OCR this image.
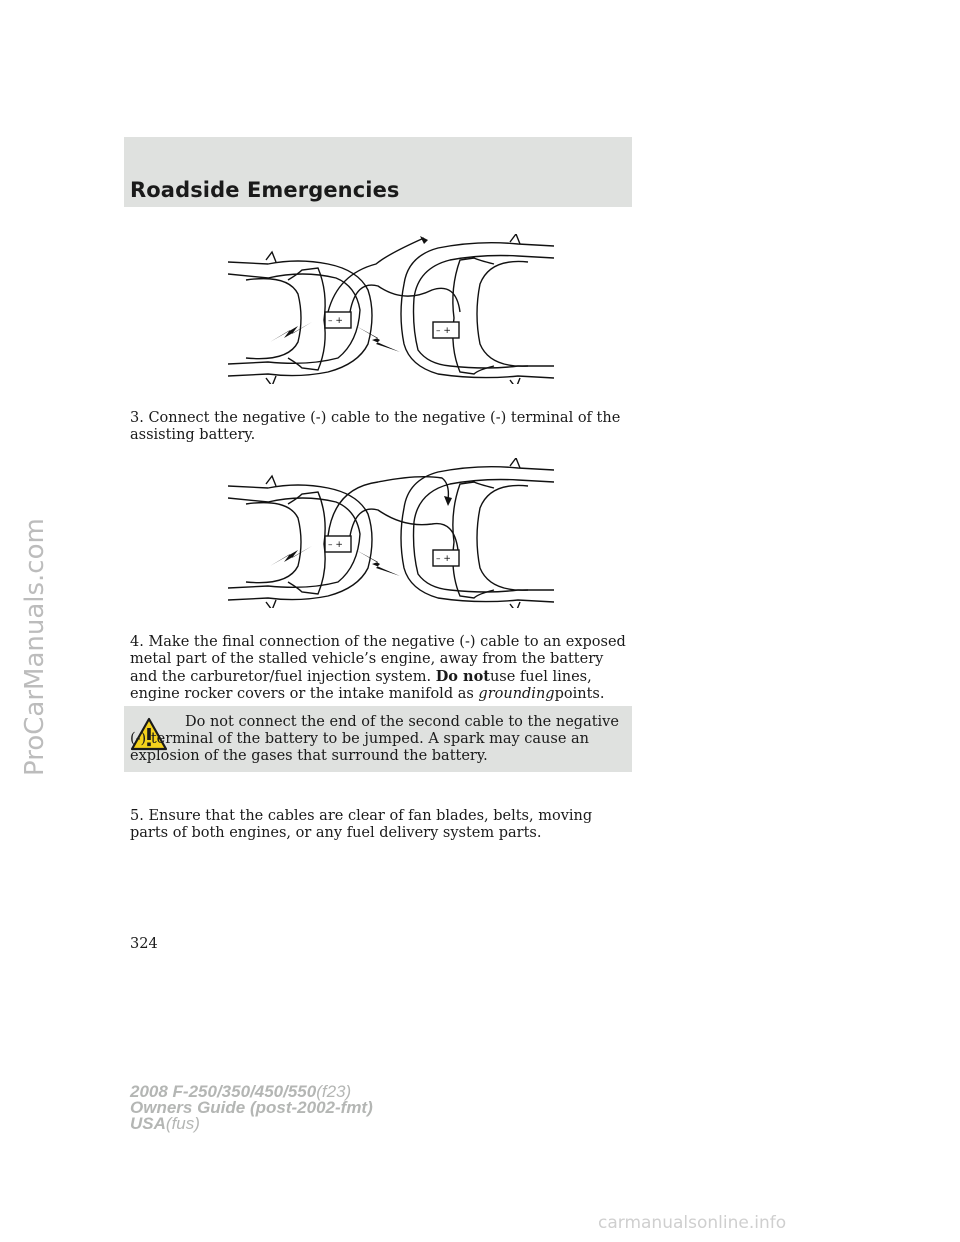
Roadside Emergencies
– +
– +

3. Connect the negative (-) cable to the negative (-) terminal of the assisting battery.

– +
– +

4. Make the final connection of the negative (-) cable to an exposed metal part of the stalled vehicle’s engine, away from the battery and the carburetor/fuel injection system. Do notuse fuel lines, engine rocker covers or the intake manifold as groundingpoints.

Do not connect the end of the second cable to the negative (-) terminal of the battery to be jumped. A spark may cause an explosion of the gases that surround the battery.

5. Ensure that the cables are clear of fan blades, belts, moving parts of both engines, or any fuel delivery system parts.

324
2008 F-250/350/450/550(f23)
Owners Guide (post-2002-fmt)
USA(fus)
ProCarManuals.com
carmanualsonline.info
